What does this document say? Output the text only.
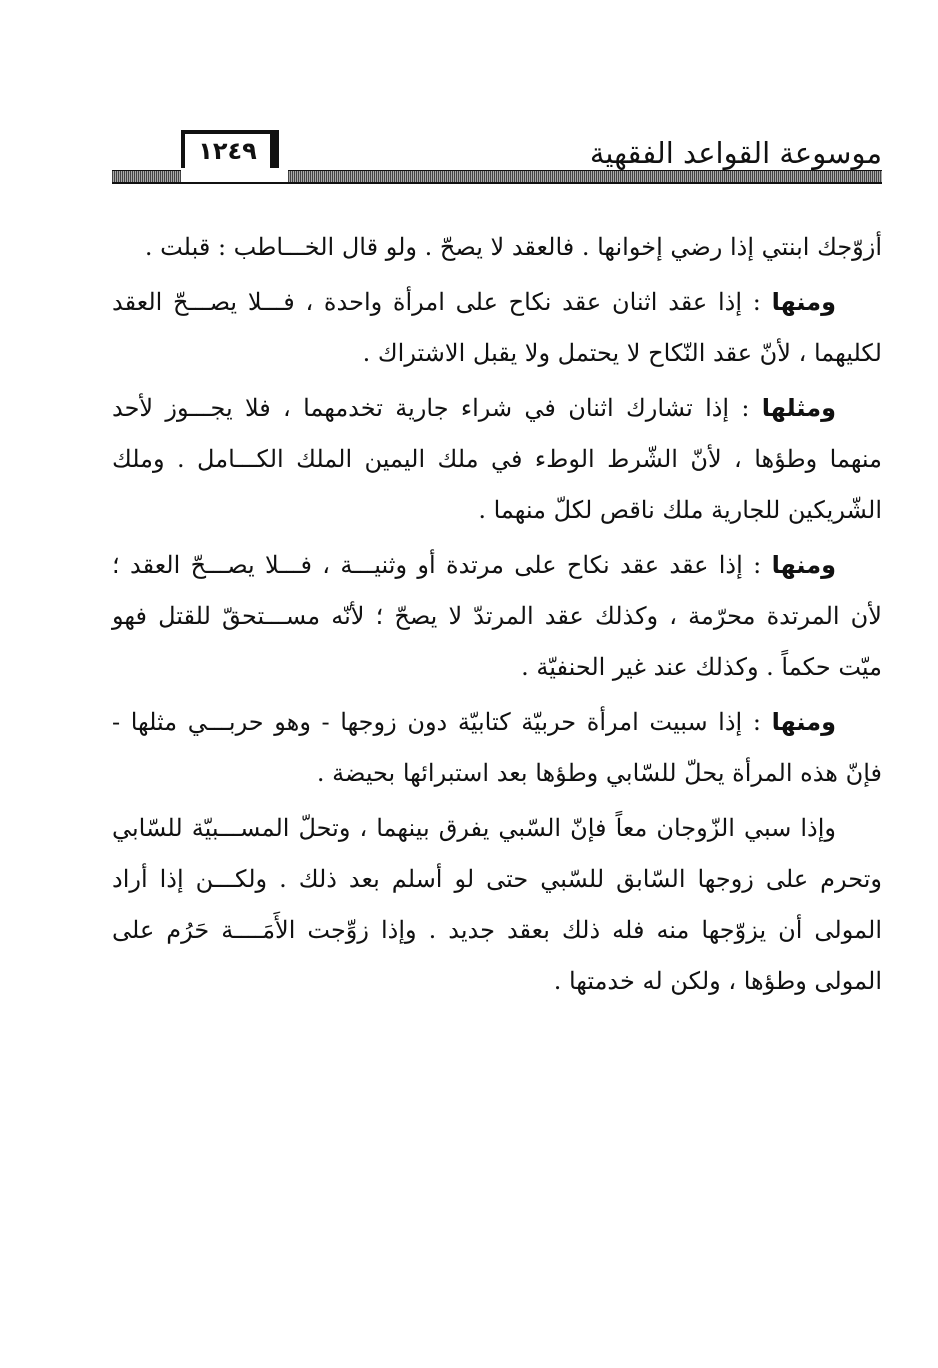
موسوعة القواعد الفقهية
١٢٤٩

أزوّجك ابنتي إذا رضي إخوانها . فالعقد لا يصحّ . ولو قال الخـــاطب : قبلت .

ومنها : إذا عقد اثنان عقد نكاح على امرأة واحدة ، فـــلا يصـــحّ العقد لكليهما ، لأنّ عقد النّكاح لا يحتمل ولا يقبل الاشتراك .

ومثلها : إذا تشارك اثنان في شراء جارية تخدمهما ، فلا يجـــوز لأحد منهما وطؤها ، لأنّ الشّرط الوطء في ملك اليمين الملك الكـــامل . وملك الشّريكين للجارية ملك ناقص لكلّ منهما .

ومنها : إذا عقد عقد نكاح على مرتدة أو وثنيـــة ، فـــلا يصـــحّ العقد ؛ لأن المرتدة محرّمة ، وكذلك عقد المرتدّ لا يصحّ ؛ لأنّه مســـتحقّ للقتل فهو ميّت حكماً . وكذلك عند غير الحنفيّة .

ومنها : إذا سبيت امرأة حربيّة كتابيّة دون زوجها - وهو حربـــي مثلها - فإنّ هذه المرأة يحلّ للسّابي وطؤها بعد استبرائها بحيضة .

وإذا سبي الزّوجان معاً فإنّ السّبي يفرق بينهما ، وتحلّ المســـبيّة للسّابي وتحرم على زوجها السّابق للسّبي حتى لو أسلم بعد ذلك . ولكـــن إذا أراد المولى أن يزوّجها منه فله ذلك بعقد جديد . وإذا زوِّجت الأَمَــــة حَرُم على المولى وطؤها ، ولكن له خدمتها .
